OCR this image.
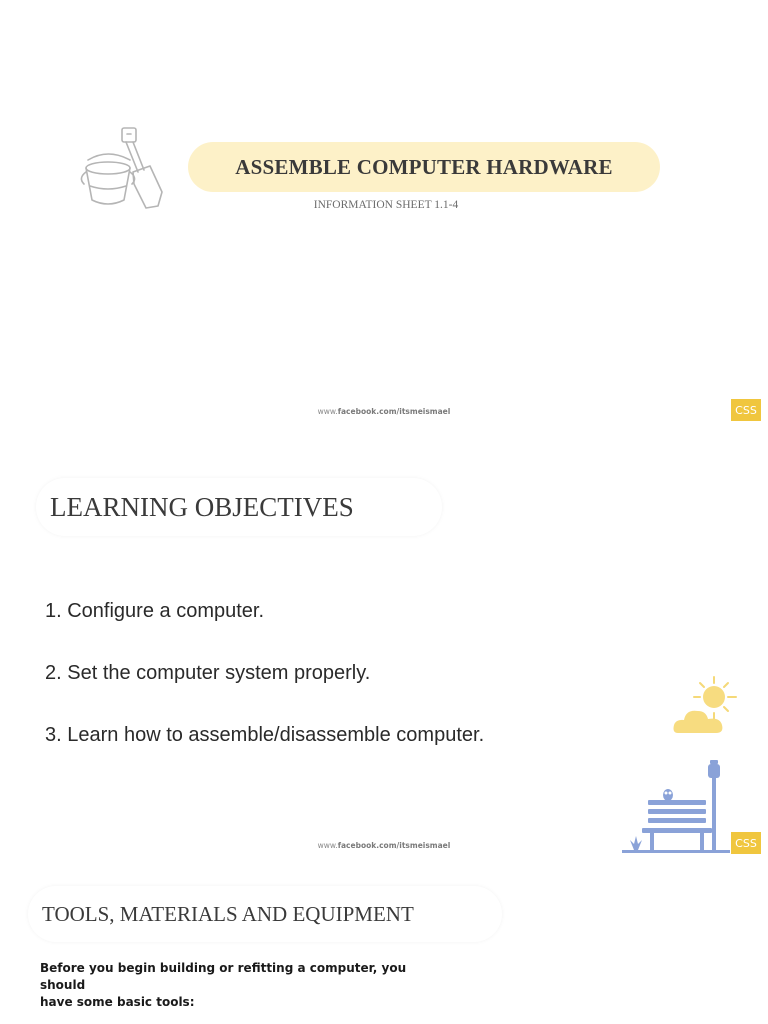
ASSEMBLE COMPUTER HARDWARE
INFORMATION SHEET 1.1-4
www.facebook.com/itsmeismael	CSS
LEARNING OBJECTIVES
1. Configure a computer.
2. Set the computer system properly.
3. Learn how to assemble/disassemble computer.
www.facebook.com/itsmeismael	CSS
TOOLS, MATERIALS AND EQUIPMENT
Before you begin building or refitting a computer, you should
have some basic tools:
